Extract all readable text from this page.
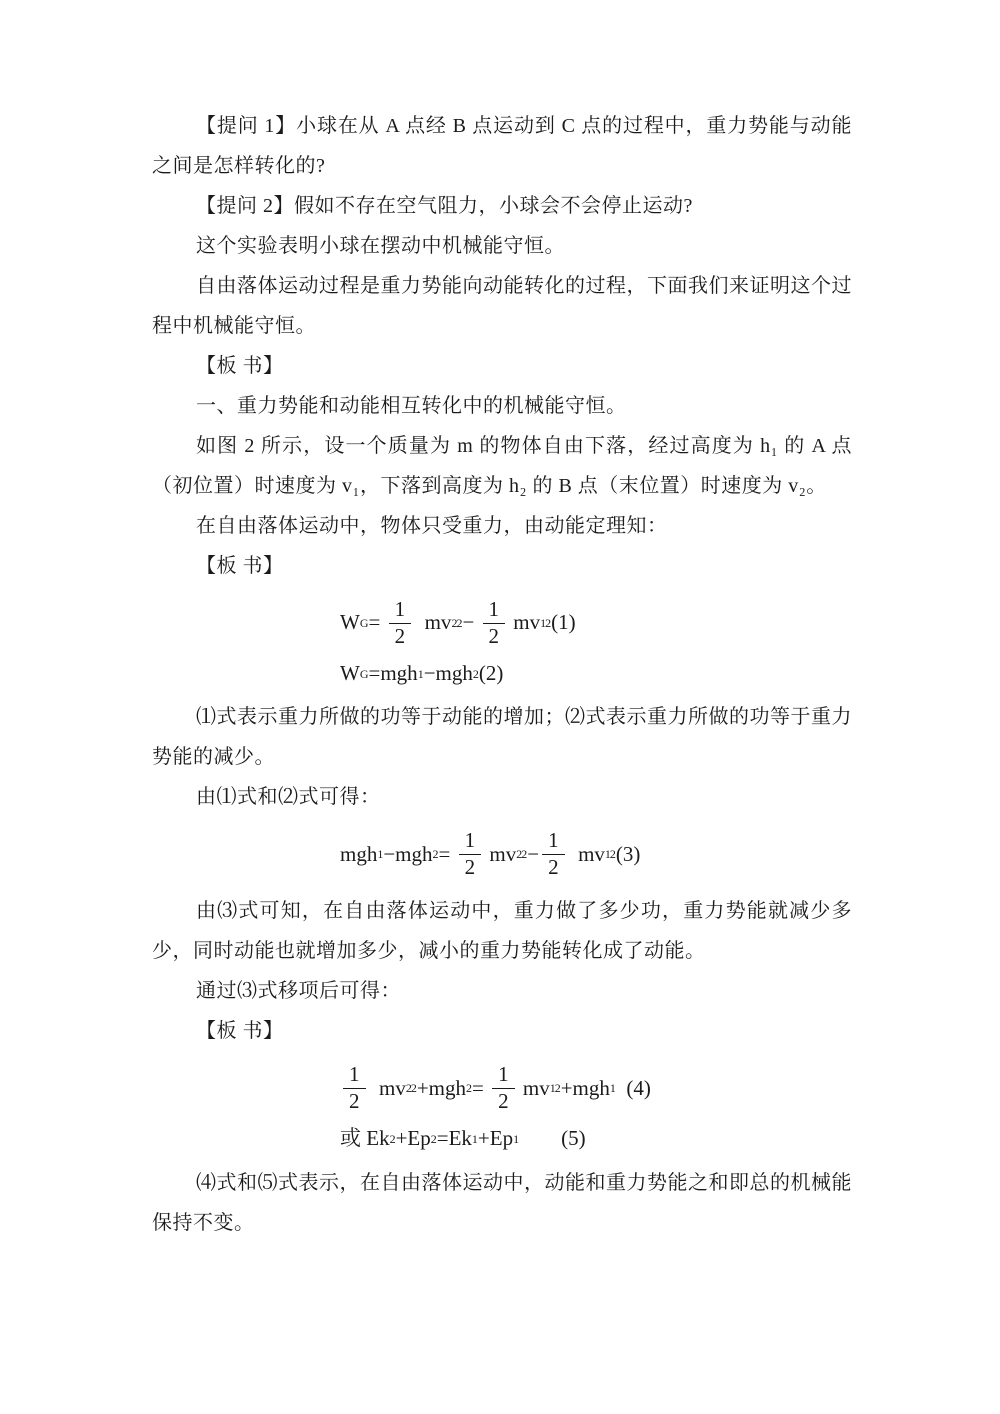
【提问 1】小球在从 A 点经 B 点运动到 C 点的过程中，重力势能与动能之间是怎样转化的?

【提问 2】假如不存在空气阻力，小球会不会停止运动?

这个实验表明小球在摆动中机械能守恒。

自由落体运动过程是重力势能向动能转化的过程，下面我们来证明这个过程中机械能守恒。

【板 书】

一、重力势能和动能相互转化中的机械能守恒。

如图 2 所示，设一个质量为 m 的物体自由下落，经过高度为 h₁ 的 A 点（初位置）时速度为 v₁，下落到高度为 h₂ 的 B 点（末位置）时速度为 v₂。

在自由落体运动中，物体只受重力，由动能定理知：

【板 书】

W $G = \frac{1}{2}$ mv 2 $2 - \frac{1}{2}$ mv 1 2 (1)
W G =mgh 1 −mgh 2 (2)

⑴式表示重力所做的功等于动能的增加；⑵式表示重力所做的功等于重力势能的减少。

由⑴式和⑵式可得：

mgh 1 −mgh $2 = \frac{1}{2}$ mv 2 $2 - \frac{1}{2}$ mv 1 2 (3)

由⑶式可知，在自由落体运动中，重力做了多少功，重力势能就减少多少，同时动能也就增加多少，减小的重力势能转化成了动能。

通过⑶式移项后可得：

【板 书】

$\frac{1}{2}$ mv 2 2 +mgh $2 = \frac{1}{2}$ mv 1 2 +mgh 1 (4)
或 Ek 2 +Ep 2 =Ek 1 +Ep 1 (5)

⑷式和⑸式表示，在自由落体运动中，动能和重力势能之和即总的机械能保持不变。
